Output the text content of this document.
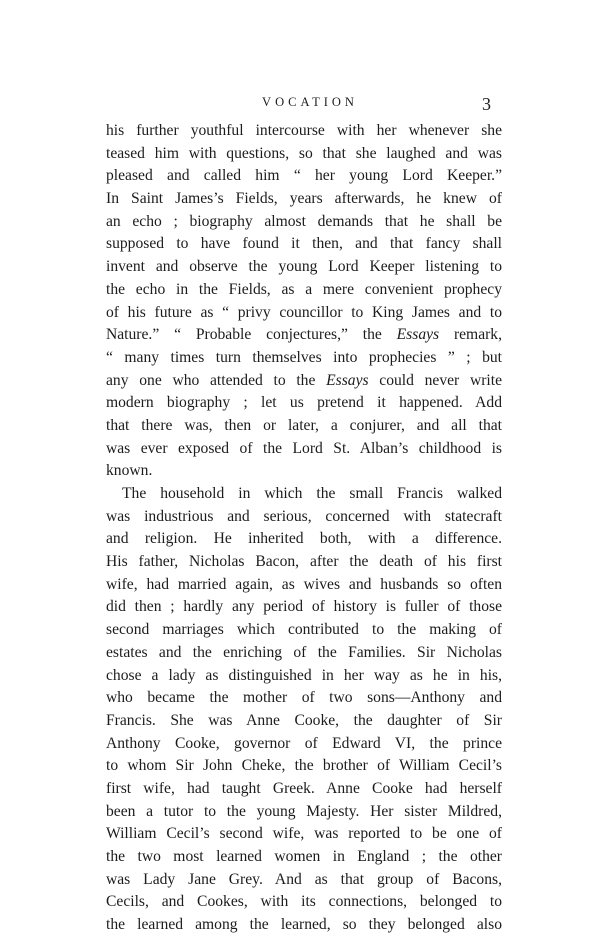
VOCATION	3
his further youthful intercourse with her whenever she
teased him with questions, so that she laughed and was
pleased and called him “ her young Lord Keeper.”
In Saint James’s Fields, years afterwards, he knew of
an echo ; biography almost demands that he shall be
supposed to have found it then, and that fancy shall
invent and observe the young Lord Keeper listening to
the echo in the Fields, as a mere convenient prophecy
of his future as “ privy councillor to King James and to
Nature.” “ Probable conjectures,” the Essays remark,
“ many times turn themselves into prophecies ” ; but
any one who attended to the Essays could never write
modern biography ; let us pretend it happened. Add
that there was, then or later, a conjurer, and all that
was ever exposed of the Lord St. Alban’s childhood is
known.
The household in which the small Francis walked
was industrious and serious, concerned with statecraft
and religion. He inherited both, with a difference.
His father, Nicholas Bacon, after the death of his first
wife, had married again, as wives and husbands so often
did then ; hardly any period of history is fuller of those
second marriages which contributed to the making of
estates and the enriching of the Families. Sir Nicholas
chose a lady as distinguished in her way as he in his,
who became the mother of two sons—Anthony and
Francis. She was Anne Cooke, the daughter of Sir
Anthony Cooke, governor of Edward VI, the prince
to whom Sir John Cheke, the brother of William Cecil’s
first wife, had taught Greek. Anne Cooke had herself
been a tutor to the young Majesty. Her sister Mildred,
William Cecil’s second wife, was reported to be one of
the two most learned women in England ; the other
was Lady Jane Grey. And as that group of Bacons,
Cecils, and Cookes, with its connections, belonged to
the learned among the learned, so they belonged also
